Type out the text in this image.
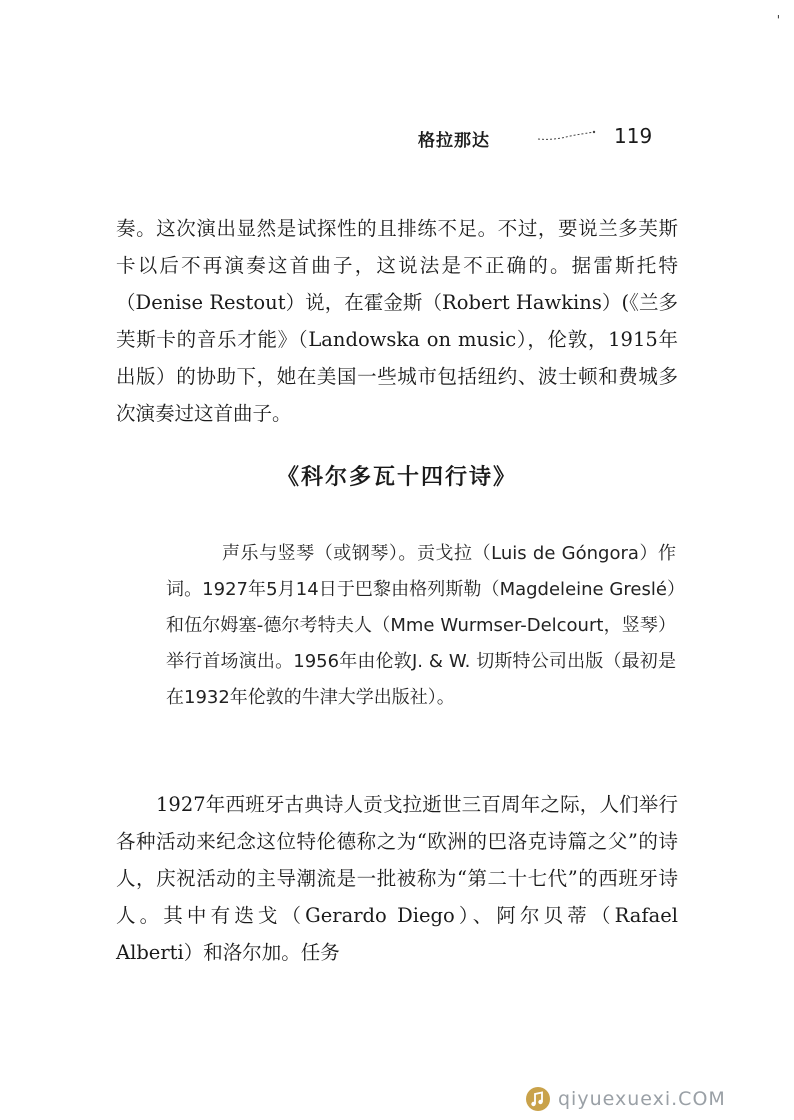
'
格拉那达	119

奏。这次演出显然是试探性的且排练不足。不过，要说兰多芙斯卡以后不再演奏这首曲子，这说法是不正确的。据雷斯托特（Denise Restout）说，在霍金斯（Robert Hawkins）(《兰多芙斯卡的音乐才能》（Landowska on music），伦敦，1915年出版）的协助下，她在美国一些城市包括纽约、波士顿和费城多次演奏过这首曲子。

《科尔多瓦十四行诗》

声乐与竖琴（或钢琴）。贡戈拉（Luis de Góngora）作词。1927年5月14日于巴黎由格列斯勒（Magdeleine Greslé）和伍尔姆塞-德尔考特夫人（Mme Wurmser-Delcourt，竖琴）举行首场演出。1956年由伦敦J. & W. 切斯特公司出版（最初是在1932年伦敦的牛津大学出版社）。

1927年西班牙古典诗人贡戈拉逝世三百周年之际，人们举行各种活动来纪念这位特伦德称之为“欧洲的巴洛克诗篇之父”的诗人，庆祝活动的主导潮流是一批被称为“第二十七代”的西班牙诗人。其中有迭戈（Gerardo Diego）、阿尔贝蒂（Rafael Alberti）和洛尔加。任务

qiyuexuexi.COM
